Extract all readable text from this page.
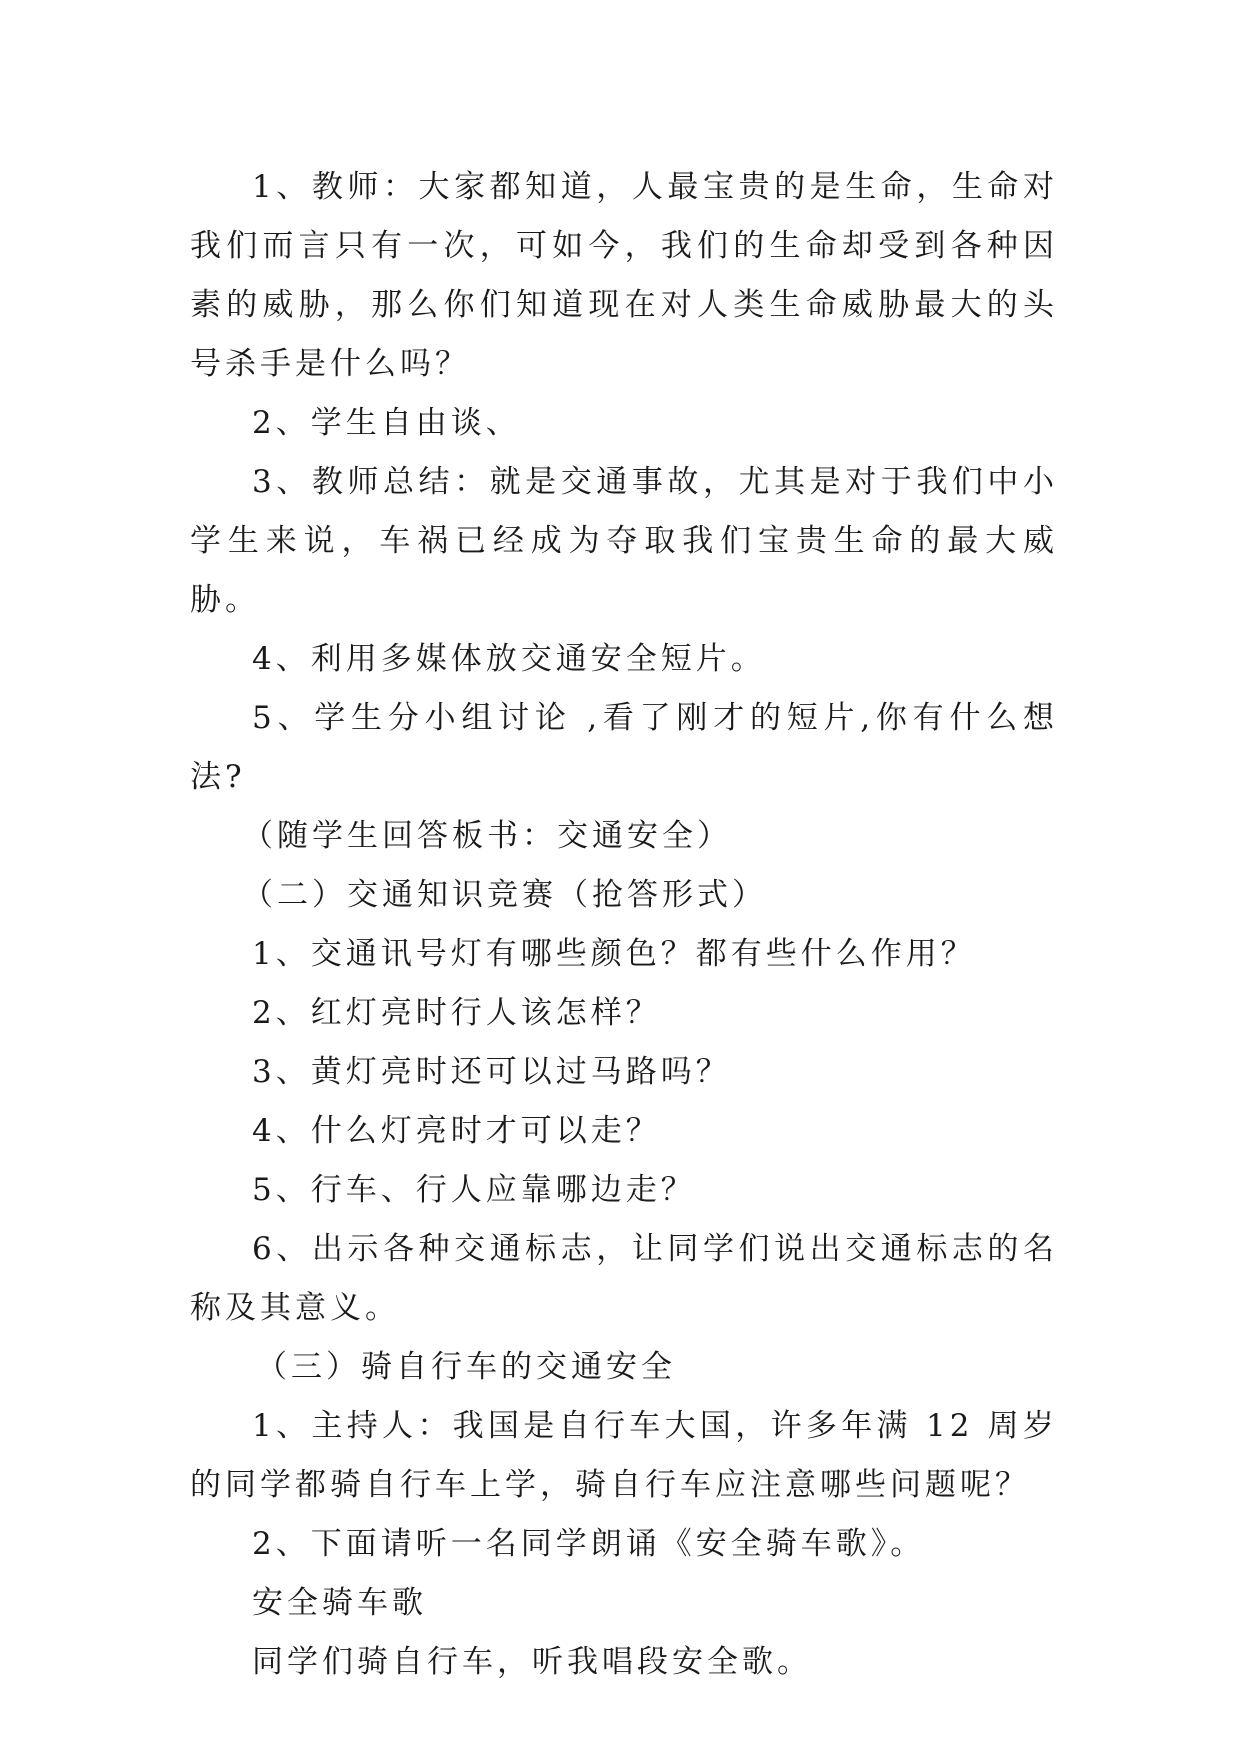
1、教师：大家都知道，人最宝贵的是生命，生命对我们而言只有一次，可如今，我们的生命却受到各种因素的威胁，那么你们知道现在对人类生命威胁最大的头号杀手是什么吗？

2、学生自由谈、

3、教师总结：就是交通事故，尤其是对于我们中小学生来说，车祸已经成为夺取我们宝贵生命的最大威胁。

4、利用多媒体放交通安全短片。

5、学生分小组讨论 ,看了刚才的短片,你有什么想法?

（随学生回答板书：交通安全）

（二）交通知识竞赛（抢答形式）

1、交通讯号灯有哪些颜色？都有些什么作用？

2、红灯亮时行人该怎样？

3、黄灯亮时还可以过马路吗？

4、什么灯亮时才可以走？

5、行车、行人应靠哪边走？

6、出示各种交通标志，让同学们说出交通标志的名称及其意义。

（三）骑自行车的交通安全

1、主持人：我国是自行车大国，许多年满 12 周岁的同学都骑自行车上学，骑自行车应注意哪些问题呢？

2、下面请听一名同学朗诵《安全骑车歌》。

安全骑车歌

同学们骑自行车，听我唱段安全歌。
